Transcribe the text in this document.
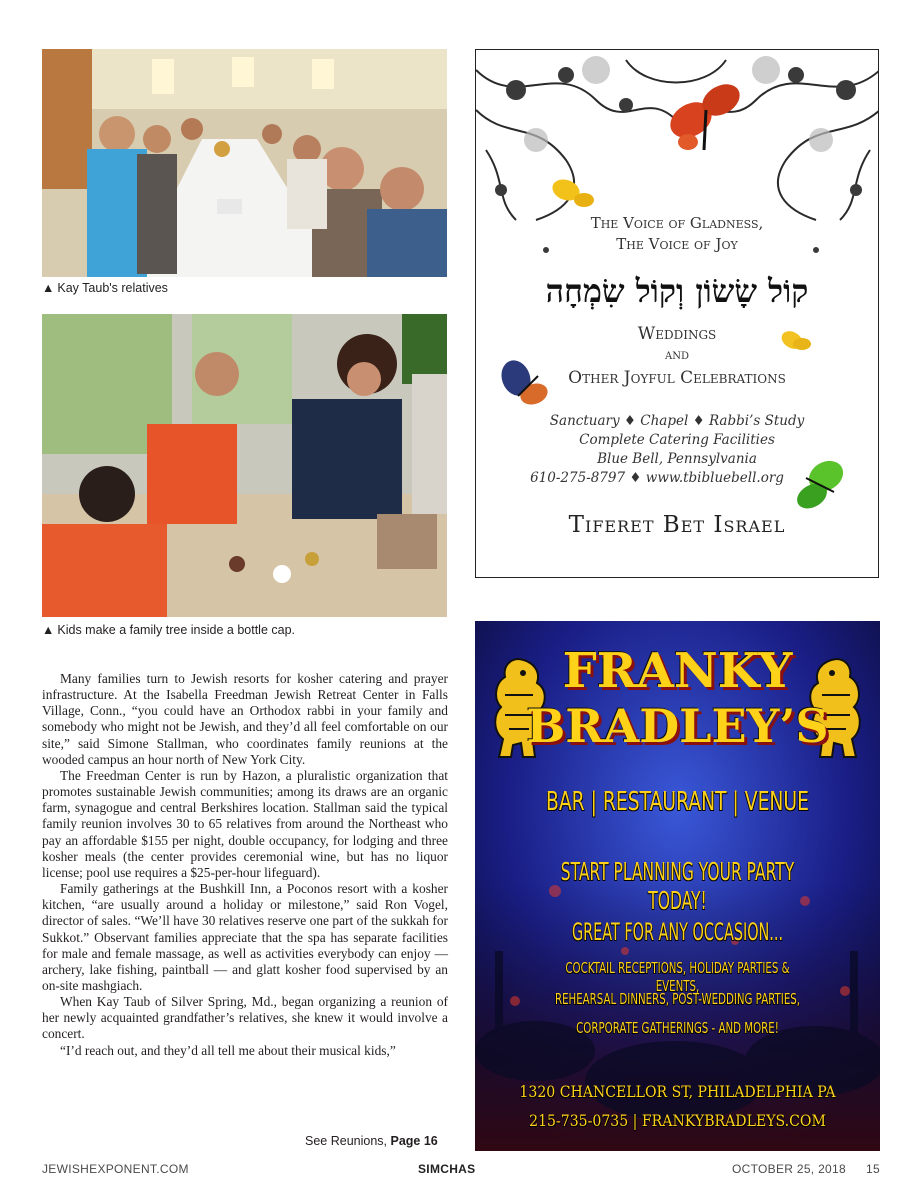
▲ Kay Taub's relatives
▲ Kids make a family tree inside a bottle cap.

Many families turn to Jewish resorts for kosher catering and prayer infrastructure. At the Isabella Freedman Jewish Retreat Center in Falls Village, Conn., “you could have an Orthodox rabbi in your family and somebody who might not be Jewish, and they’d all feel comfortable on our site,” said Simone Stallman, who coordinates family reunions at the wooded campus an hour north of New York City.

The Freedman Center is run by Hazon, a pluralistic organization that promotes sustainable Jewish communities; among its draws are an organic farm, synagogue and central Berkshires location. Stallman said the typical family reunion involves 30 to 65 relatives from around the Northeast who pay an affordable $155 per night, double occupancy, for lodging and three kosher meals (the center provides ceremonial wine, but has no liquor license; pool use requires a $25-per-hour lifeguard).

Family gatherings at the Bushkill Inn, a Poconos resort with a kosher kitchen, “are usually around a holiday or milestone,” said Ron Vogel, director of sales. “We’ll have 30 relatives reserve one part of the sukkah for Sukkot.” Observant families appreciate that the spa has separate facilities for male and female massage, as well as activities everybody can enjoy — archery, lake fishing, paintball — and glatt kosher food supervised by an on-site mashgiach.

When Kay Taub of Silver Spring, Md., began organizing a reunion of her newly acquainted grandfather’s relatives, she knew it would involve a concert.

“I’d reach out, and they’d all tell me about their musical kids,”

See Reunions, Page 16
JEWISHEXPONENT.COM	SIMCHAS	OCTOBER 25, 2018 15
The Voice of Gladness,
The Voice of Joy
קוֹל שָׂשׂוֹן וְקוֹל שִׂמְחָה
Weddings
and
Other Joyful Celebrations
Sanctuary ♦ Chapel ♦ Rabbi’s Study
Complete Catering Facilities
Blue Bell, Pennsylvania
610-275-8797 ♦ www.tbibluebell.org
Tiferet Bet Israel
FRANKY
BRADLEY’S
BAR | RESTAURANT | VENUE
START PLANNING YOUR PARTY TODAY!
GREAT FOR ANY OCCASION...
COCKTAIL RECEPTIONS, HOLIDAY PARTIES & EVENTS,
REHEARSAL DINNERS, POST-WEDDING PARTIES,
CORPORATE GATHERINGS - AND MORE!
1320 CHANCELLOR ST, PHILADELPHIA PA
215-735-0735 | FRANKYBRADLEYS.COM
